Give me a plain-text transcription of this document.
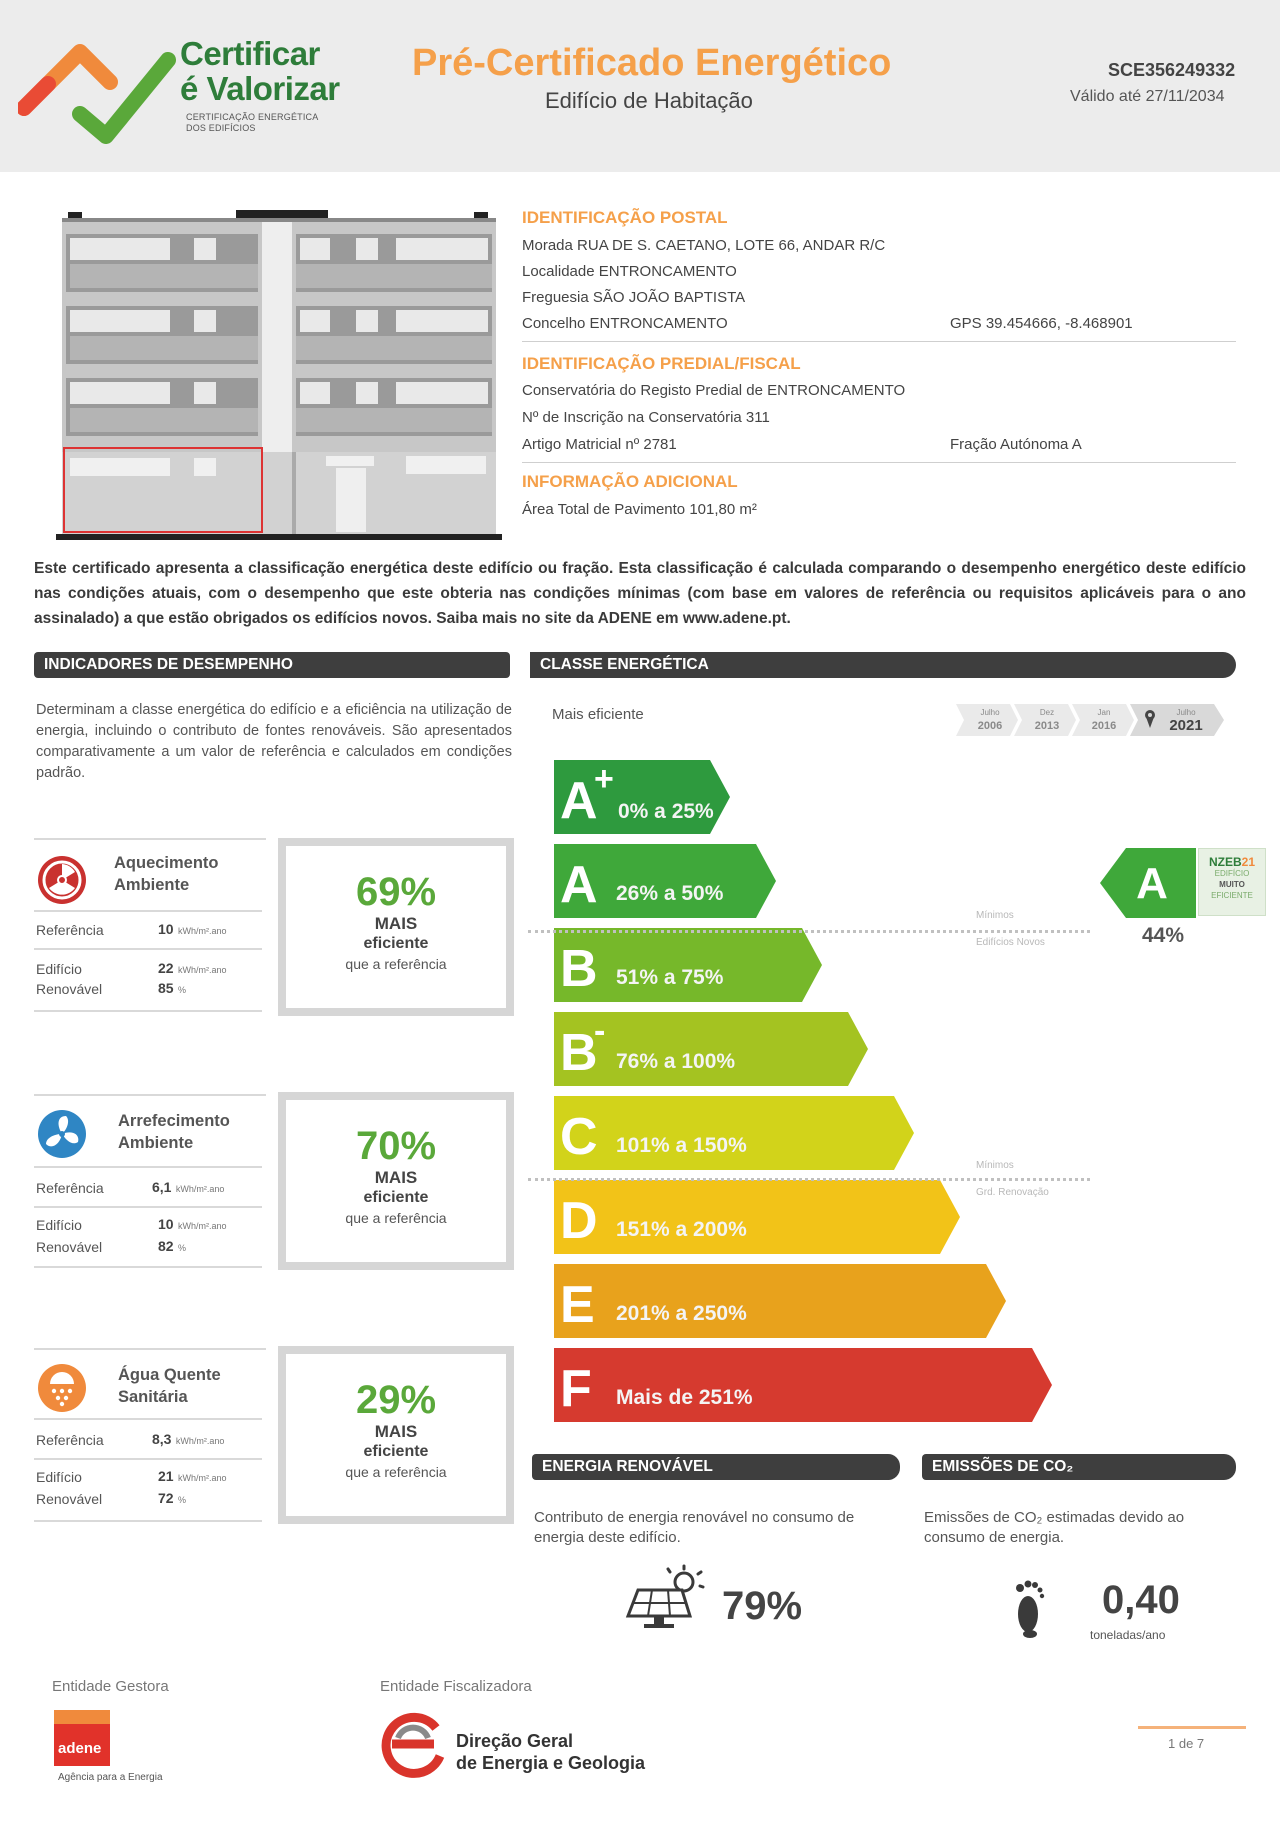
Certificar
é Valorizar
CERTIFICAÇÃO ENERGÉTICA
DOS EDIFÍCIOS
Pré-Certificado Energético
Edifício de Habitação
SCE356249332
Válido até 27/11/2034
IDENTIFICAÇÃO POSTAL
Morada RUA DE S. CAETANO, LOTE 66, ANDAR R/C
Localidade ENTRONCAMENTO
Freguesia SÃO JOÃO BAPTISTA
Concelho ENTRONCAMENTO	GPS 39.454666, -8.468901
IDENTIFICAÇÃO PREDIAL/FISCAL
Conservatória do Registo Predial de ENTRONCAMENTO
Nº de Inscrição na Conservatória 311
Artigo Matricial nº 2781	Fração Autónoma A
INFORMAÇÃO ADICIONAL
Área Total de Pavimento 101,80 m²
Este certificado apresenta a classificação energética deste edifício ou fração. Esta classificação é calculada comparando o desempenho energético deste edifício nas condições atuais, com o desempenho que este obteria nas condições mínimas (com base em valores de referência ou requisitos aplicáveis para o ano assinalado) a que estão obrigados os edifícios novos. Saiba mais no site da ADENE em www.adene.pt.
INDICADORES DE DESEMPENHO
Determinam a classe energética do edifício e a eficiência na utilização de energia, incluindo o contributo de fontes renováveis. São apresentados comparativamente a um valor de referência e calculados em condições padrão.
Aquecimento
Ambiente
Referência	10 kWh/m².ano
Edifício	22 kWh/m².ano
Renovável	85 %
69%
MAIS
eficiente
que a referência
Arrefecimento
Ambiente
Referência	6,1 kWh/m².ano
Edifício	10 kWh/m².ano
Renovável	82 %
70%
MAIS
eficiente
que a referência
Água Quente
Sanitária
Referência	8,3 kWh/m².ano
Edifício	21 kWh/m².ano
Renovável	72 %
29%
MAIS
eficiente
que a referência
CLASSE ENERGÉTICA
Mais eficiente	Julho
2006
Dez
2013
Jan
2016
Julho
2021
A
+
0% a 25%
A 26% a 50%
B 51% a 75%
B
-
76% a 100%
C 101% a 150%
D 151% a 200%
E 201% a 250%
F Mais de 251%
Mínimos
Edifícios Novos
Mínimos
Grd. Renovação
A
44%
NZEB21
EDIFÍCIO
MUITO
EFICIENTE
ENERGIA RENOVÁVEL
Contributo de energia renovável no consumo de energia deste edifício.
79%
EMISSÕES DE CO₂
Emissões de CO₂ estimadas devido ao consumo de energia.
0,40
toneladas/ano
Entidade Gestora
adene
Agência para a Energia
Entidade Fiscalizadora
Direção Geral
de Energia e Geologia
1 de 7
